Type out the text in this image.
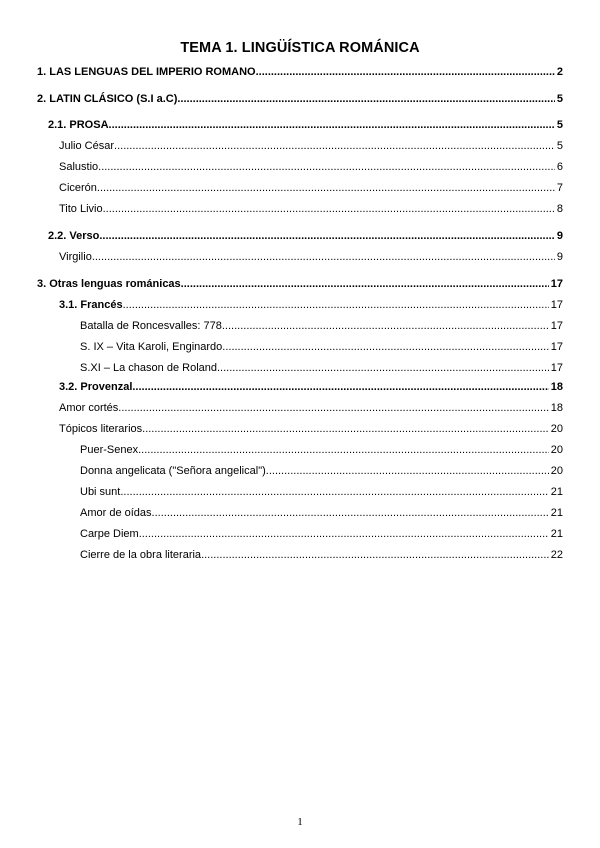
TEMA 1. LINGÜÍSTICA ROMÁNICA
1. LAS LENGUAS DEL IMPERIO ROMANO .....	2
2. LATIN CLÁSICO (S.I a.C) .....	5
2.1. PROSA .....	5
Julio César .....	5
Salustio .....	6
Cicerón .....	7
Tito Livio .....	8
2.2. Verso .....	9
Virgilio .....	9
3. Otras lenguas románicas .....	17
3.1. Francés .....	17
Batalla de Roncesvalles: 778 .....	17
S. IX – Vita Karoli, Enginardo .....	17
S.XI – La chason de Roland .....	17
3.2. Provenzal .....	18
Amor cortés .....	18
Tópicos literarios .....	20
Puer-Senex .....	20
Donna angelicata ("Señora angelical"). .....	20
Ubi sunt .....	21
Amor de oídas .....	21
Carpe Diem .....	21
Cierre de la obra literaria .....	22
1
